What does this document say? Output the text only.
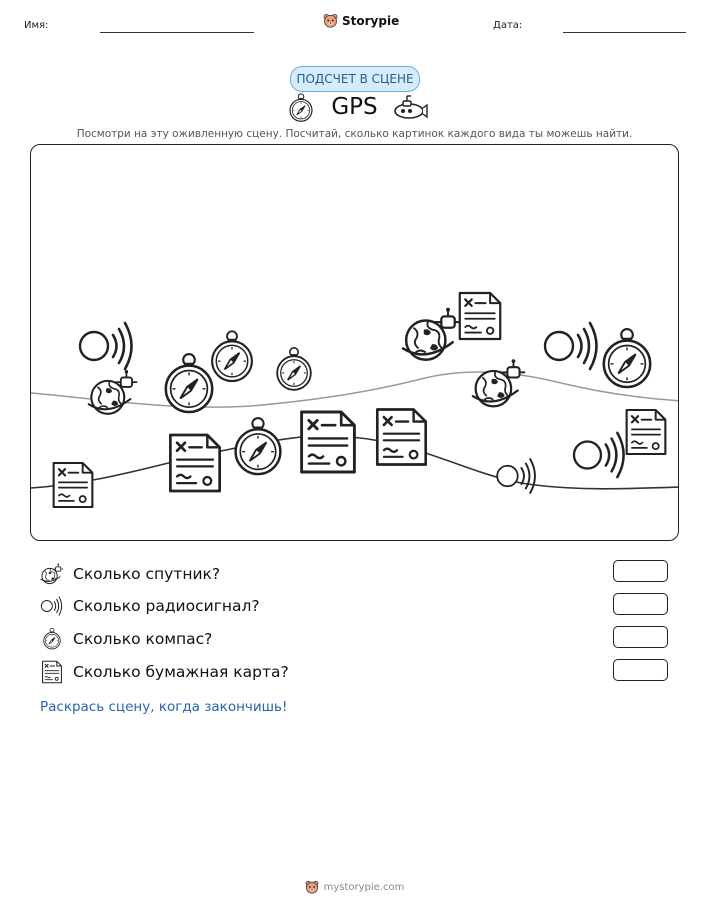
Имя:	Storypie	Дата:
ПОДСЧЕТ В СЦЕНЕ
GPS
Посмотри на эту оживленную сцену. Посчитай, сколько картинок каждого вида ты можешь найти.
Сколько спутник?
Сколько радиосигнал?
Сколько компас?
Сколько бумажная карта?
Раскрась сцену, когда закончишь!
mystorypie.com
